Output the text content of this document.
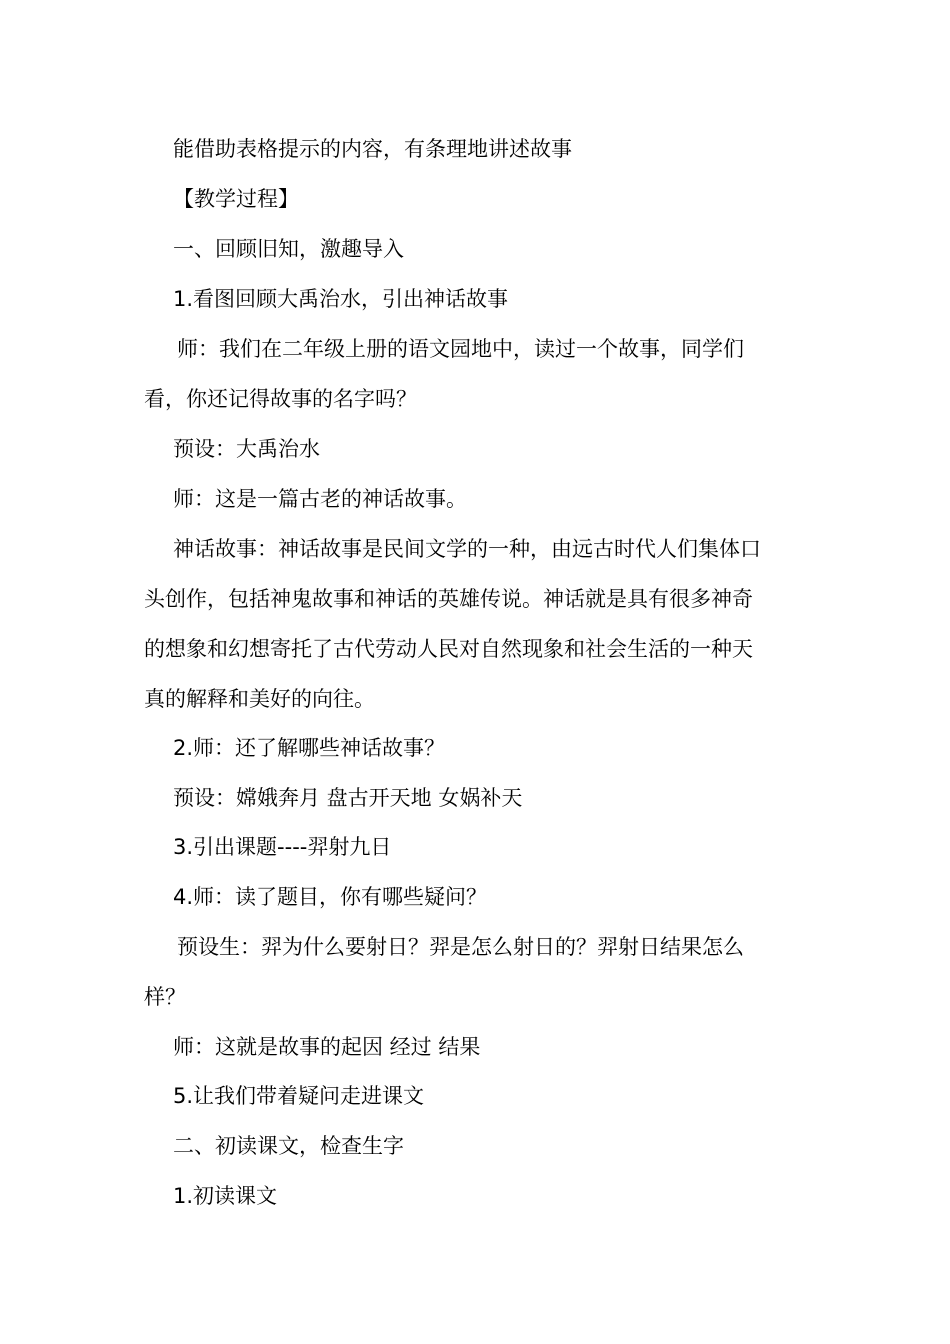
能借助表格提示的内容，有条理地讲述故事
【教学过程】
一、回顾旧知，激趣导入
1.看图回顾大禹治水，引出神话故事
师：我们在二年级上册的语文园地中，读过一个故事，同学们
看，你还记得故事的名字吗？
预设：大禹治水
师：这是一篇古老的神话故事。
神话故事：神话故事是民间文学的一种，由远古时代人们集体口
头创作，包括神鬼故事和神话的英雄传说。神话就是具有很多神奇
的想象和幻想寄托了古代劳动人民对自然现象和社会生活的一种天
真的解释和美好的向往。
2.师：还了解哪些神话故事？
预设：嫦娥奔月 盘古开天地 女娲补天
3.引出课题----羿射九日
4.师：读了题目，你有哪些疑问？
预设生：羿为什么要射日？羿是怎么射日的？羿射日结果怎么
样？
师：这就是故事的起因 经过 结果
5.让我们带着疑问走进课文
二、初读课文，检查生字
1.初读课文
